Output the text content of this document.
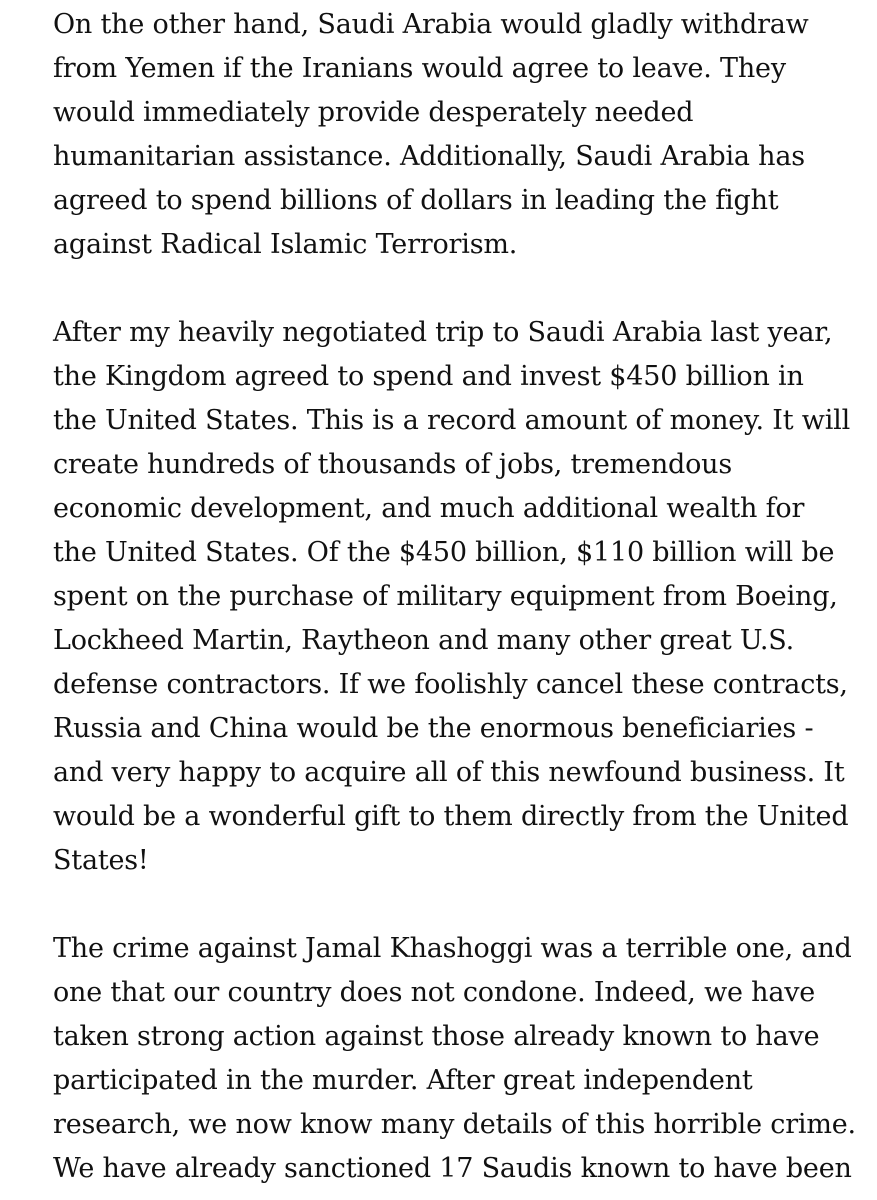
On the other hand, Saudi Arabia would gladly withdraw

from Yemen if the Iranians would agree to leave. They

would immediately provide desperately needed

humanitarian assistance. Additionally, Saudi Arabia has

agreed to spend billions of dollars in leading the fight

against Radical Islamic Terrorism.

After my heavily negotiated trip to Saudi Arabia last year,

the Kingdom agreed to spend and invest $450 billion in

the United States. This is a record amount of money. It will

create hundreds of thousands of jobs, tremendous

economic development, and much additional wealth for

the United States. Of the $450 billion, $110 billion will be

spent on the purchase of military equipment from Boeing,

Lockheed Martin, Raytheon and many other great U.S.

defense contractors. If we foolishly cancel these contracts,

Russia and China would be the enormous beneficiaries -

and very happy to acquire all of this newfound business. It

would be a wonderful gift to them directly from the United

States!

The crime against Jamal Khashoggi was a terrible one, and

one that our country does not condone. Indeed, we have

taken strong action against those already known to have

participated in the murder. After great independent

research, we now know many details of this horrible crime.

We have already sanctioned 17 Saudis known to have been
